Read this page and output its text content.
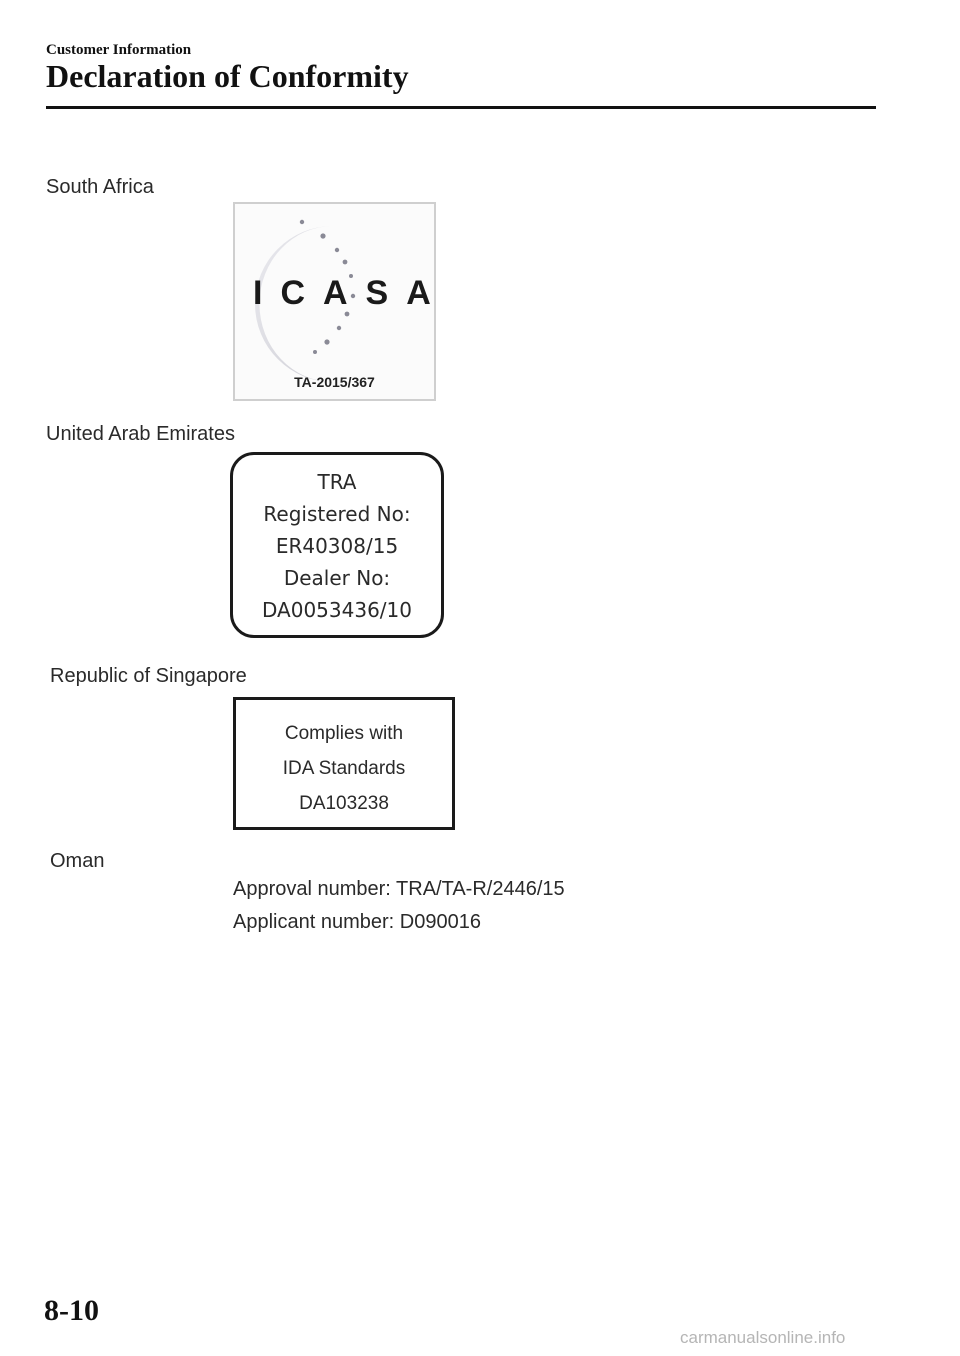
Customer Information
Declaration of Conformity
South Africa
ICASA
TA-2015/367
United Arab Emirates
TRA
Registered No:
ER40308/15
Dealer No:
DA0053436/10
Republic of Singapore
Complies with
IDA Standards
DA103238
Oman
Approval number: TRA/TA-R/2446/15
Applicant number: D090016
8-10
carmanualsonline.info
